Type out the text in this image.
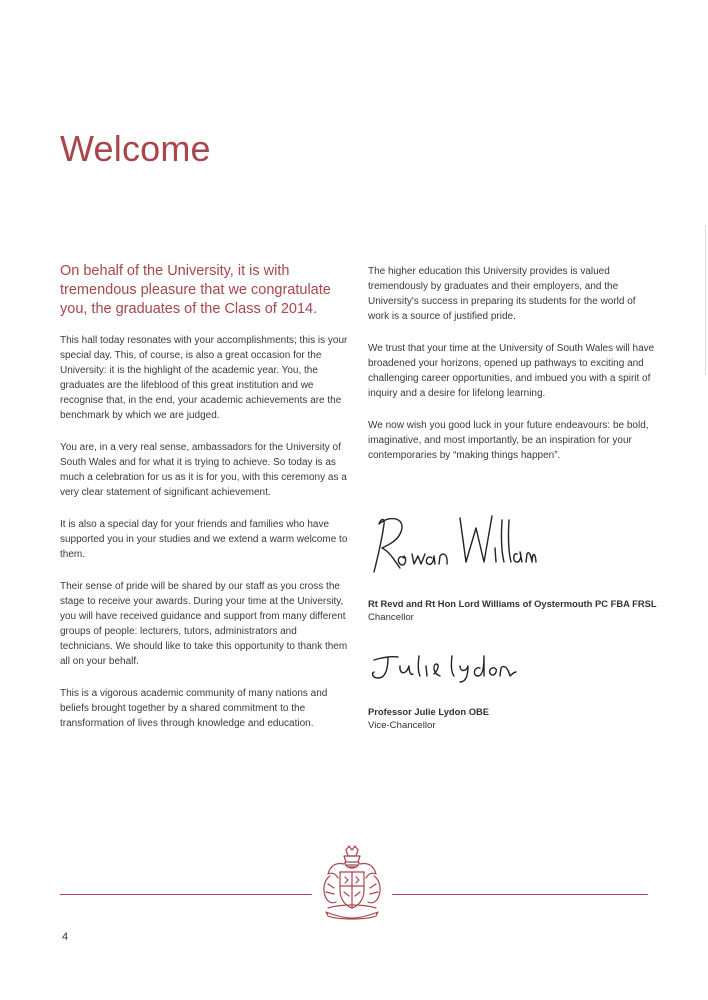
Welcome

On behalf of the University, it is with tremendous pleasure that we congratulate you, the graduates of the Class of 2014.

This hall today resonates with your accomplishments; this is your special day. This, of course, is also a great occasion for the University: it is the highlight of the academic year. You, the graduates are the lifeblood of this great institution and we recognise that, in the end, your academic achievements are the benchmark by which we are judged.

You are, in a very real sense, ambassadors for the University of South Wales and for what it is trying to achieve. So today is as much a celebration for us as it is for you, with this ceremony as a very clear statement of significant achievement.

It is also a special day for your friends and families who have supported you in your studies and we extend a warm welcome to them.

Their sense of pride will be shared by our staff as you cross the stage to receive your awards. During your time at the University, you will have received guidance and support from many different groups of people: lecturers, tutors, administrators and technicians. We should like to take this opportunity to thank them all on your behalf.

This is a vigorous academic community of many nations and beliefs brought together by a shared commitment to the transformation of lives through knowledge and education.

The higher education this University provides is valued tremendously by graduates and their employers, and the University's success in preparing its students for the world of work is a source of justified pride.

We trust that your time at the University of South Wales will have broadened your horizons, opened up pathways to exciting and challenging career opportunities, and imbued you with a spirit of inquiry and a desire for lifelong learning.

We now wish you good luck in your future endeavours: be bold, imaginative, and most importantly, be an inspiration for your contemporaries by “making things happen”.

Rt Revd and Rt Hon Lord Williams of Oystermouth PC FBA FRSL

Chancellor

Professor Julie Lydon OBE

Vice-Chancellor

4
